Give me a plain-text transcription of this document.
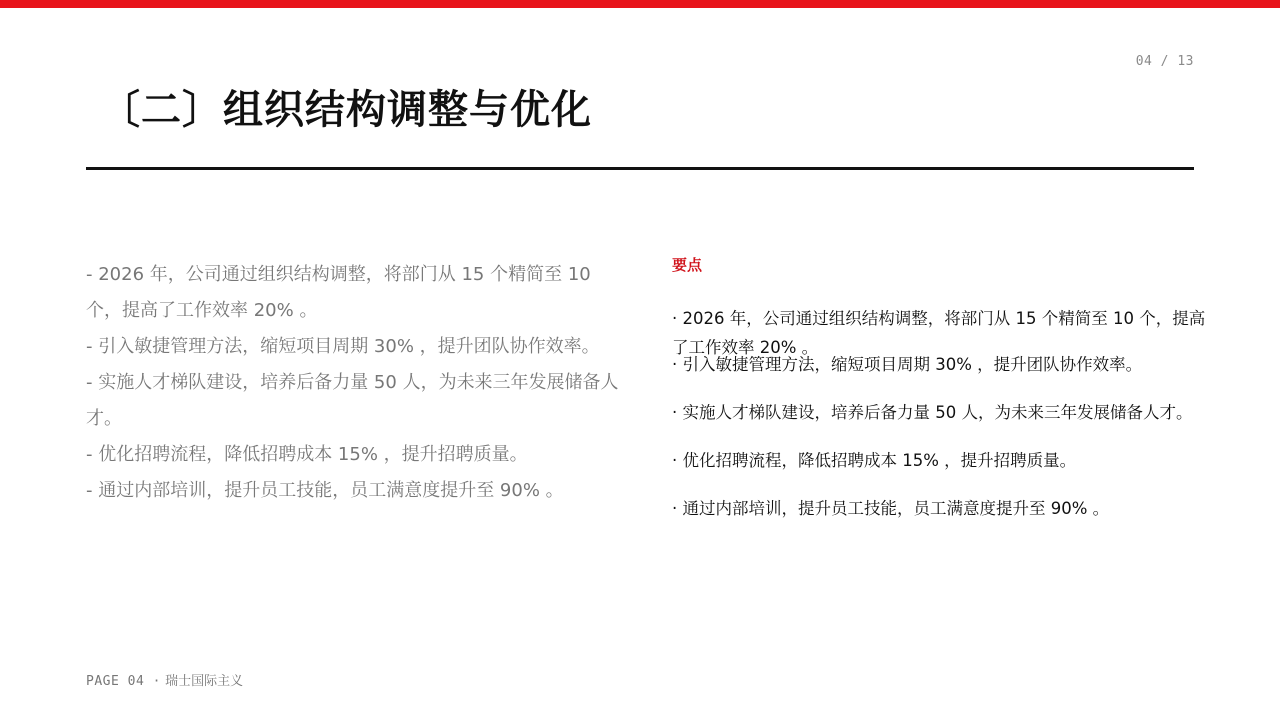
04 / 13
〔二〕组织结构调整与优化

- 2026 年，公司通过组织结构调整，将部门从 15 个精简至 10 个，提高了工作效率 20% 。

- 引入敏捷管理方法，缩短项目周期 30% ，提升团队协作效率。

- 实施人才梯队建设，培养后备力量 50 人，为未来三年发展储备人才。

- 优化招聘流程，降低招聘成本 15% ，提升招聘质量。

- 通过内部培训，提升员工技能，员工满意度提升至 90% 。

要点

· 2026 年，公司通过组织结构调整，将部门从 15 个精简至 10 个，提高了工作效率 20% 。

· 引入敏捷管理方法，缩短项目周期 30% ，提升团队协作效率。

· 实施人才梯队建设，培养后备力量 50 人，为未来三年发展储备人才。

· 优化招聘流程，降低招聘成本 15% ，提升招聘质量。

· 通过内部培训，提升员工技能，员工满意度提升至 90% 。

PAGE 04 · 瑞士国际主义
